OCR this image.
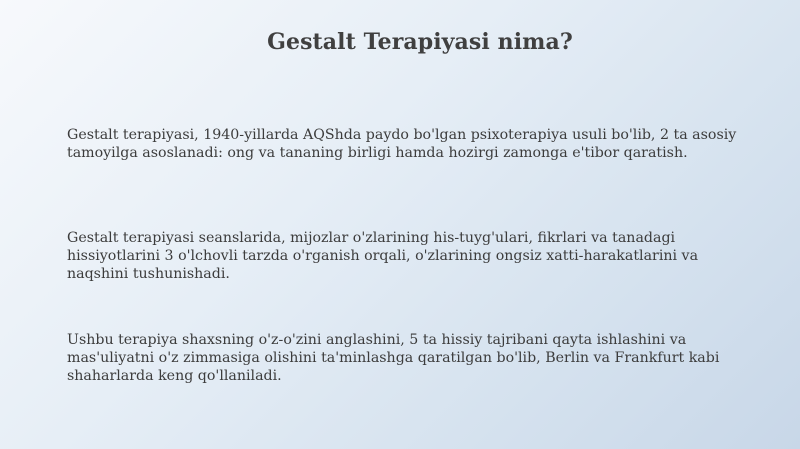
Gestalt Terapiyasi nima?

Gestalt terapiyasi, 1940-yillarda AQShda paydo bo'lgan psixoterapiya usuli bo'lib, 2 ta asosiy
tamoyilga asoslanadi: ong va tananing birligi hamda hozirgi zamonga e'tibor qaratish.

Gestalt terapiyasi seanslarida, mijozlar o'zlarining his-tuyg'ulari, fikrlari va tanadagi
hissiyotlarini 3 o'lchovli tarzda o'rganish orqali, o'zlarining ongsiz xatti-harakatlarini va
naqshini tushunishadi.

Ushbu terapiya shaxsning o'z-o'zini anglashini, 5 ta hissiy tajribani qayta ishlashini va
mas'uliyatni o'z zimmasiga olishini ta'minlashga qaratilgan bo'lib, Berlin va Frankfurt kabi
shaharlarda keng qo'llaniladi.
